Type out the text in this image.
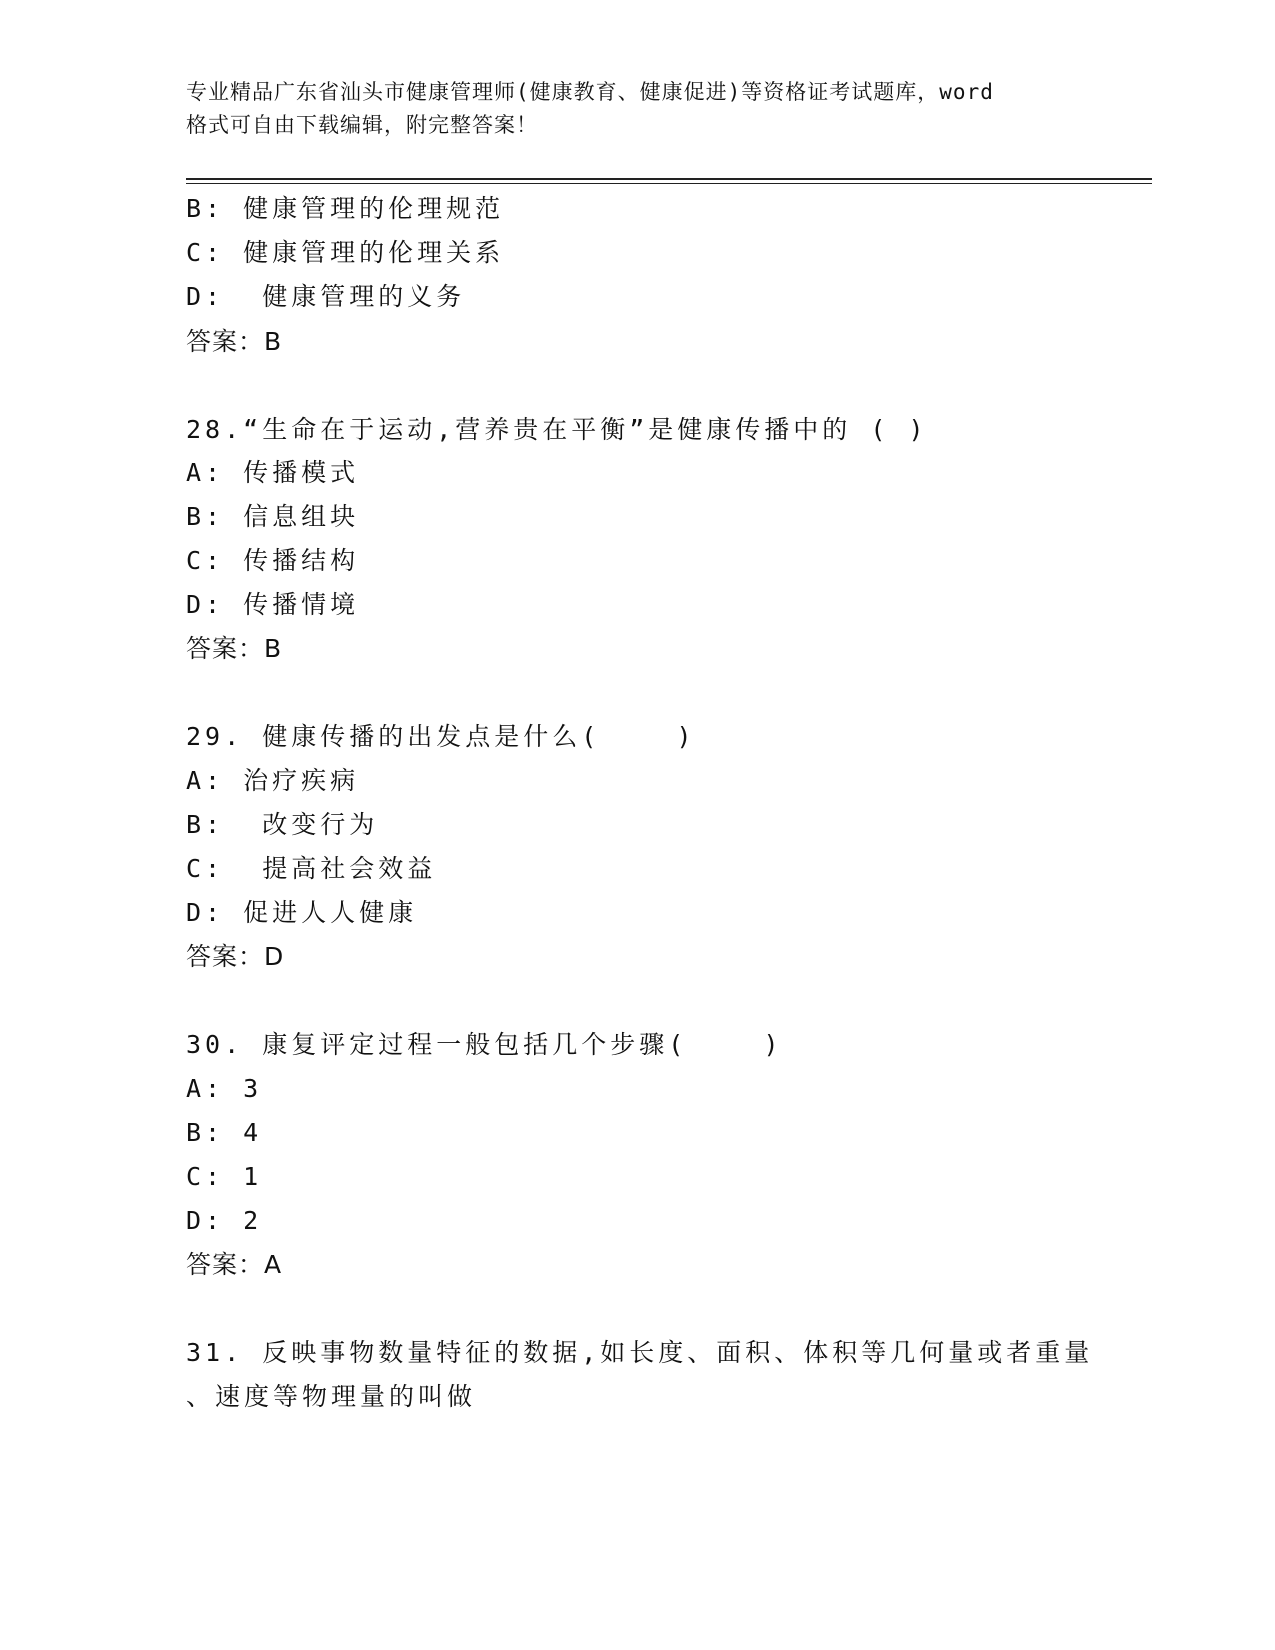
专业精品广东省汕头市健康管理师(健康教育、健康促进)等资格证考试题库，word
格式可自由下载编辑，附完整答案！
B: 健康管理的伦理规范
C: 健康管理的伦理关系
D:  健康管理的义务
答案：B
28.“生命在于运动,营养贵在平衡”是健康传播中的 ( )
A: 传播模式
B: 信息组块
C: 传播结构
D: 传播情境
答案：B
29. 健康传播的出发点是什么(    )
A: 治疗疾病
B:  改变行为
C:  提高社会效益
D: 促进人人健康
答案：D
30. 康复评定过程一般包括几个步骤(    )
A: 3
B: 4
C: 1
D: 2
答案：A
31. 反映事物数量特征的数据,如长度、面积、体积等几何量或者重量
、速度等物理量的叫做
